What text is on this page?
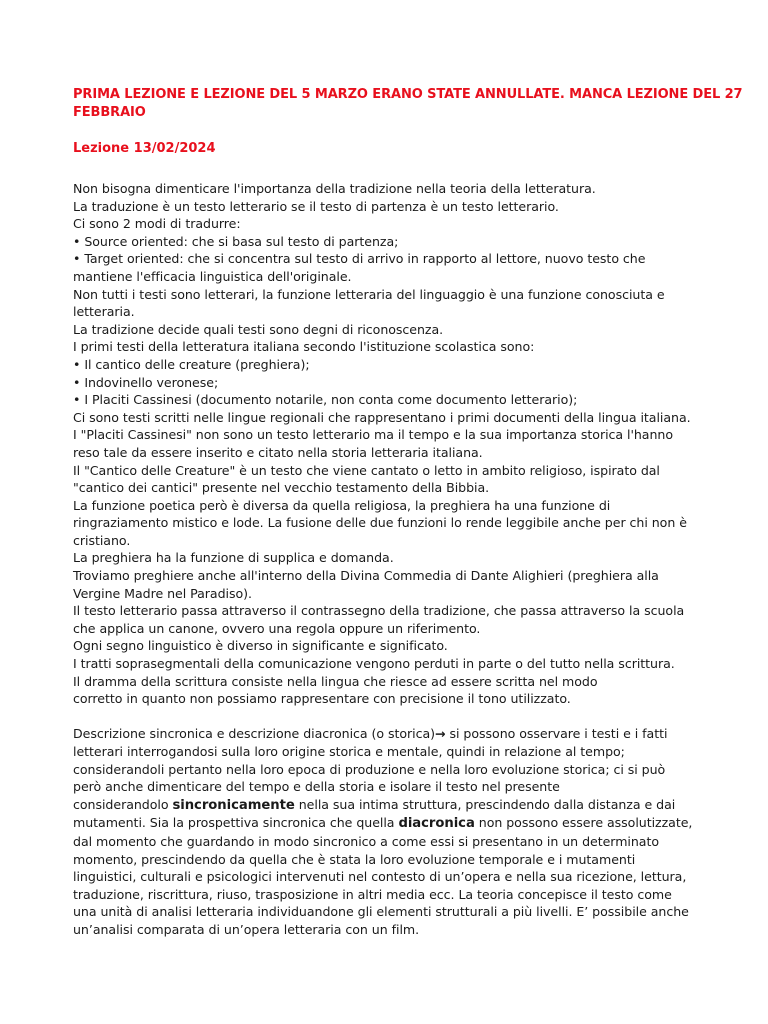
PRIMA LEZIONE E LEZIONE DEL 5 MARZO ERANO STATE ANNULLATE. MANCA LEZIONE DEL 27
FEBBRAIO

Lezione 13/02/2024

Non bisogna dimenticare l'importanza della tradizione nella teoria della letteratura.
La traduzione è un testo letterario se il testo di partenza è un testo letterario.
Ci sono 2 modi di tradurre:
• Source oriented: che si basa sul testo di partenza;
• Target oriented: che si concentra sul testo di arrivo in rapporto al lettore, nuovo testo che
mantiene l'efficacia linguistica dell'originale.
Non tutti i testi sono letterari, la funzione letteraria del linguaggio è una funzione conosciuta e
letteraria.
La tradizione decide quali testi sono degni di riconoscenza.
I primi testi della letteratura italiana secondo l'istituzione scolastica sono:
• Il cantico delle creature (preghiera);
• Indovinello veronese;
• I Placiti Cassinesi (documento notarile, non conta come documento letterario);
Ci sono testi scritti nelle lingue regionali che rappresentano i primi documenti della lingua italiana.
I "Placiti Cassinesi" non sono un testo letterario ma il tempo e la sua importanza storica l'hanno
reso tale da essere inserito e citato nella storia letteraria italiana.
Il "Cantico delle Creature" è un testo che viene cantato o letto in ambito religioso, ispirato dal
"cantico dei cantici" presente nel vecchio testamento della Bibbia.
La funzione poetica però è diversa da quella religiosa, la preghiera ha una funzione di
ringraziamento mistico e lode. La fusione delle due funzioni lo rende leggibile anche per chi non è
cristiano.
La preghiera ha la funzione di supplica e domanda.
Troviamo preghiere anche all'interno della Divina Commedia di Dante Alighieri (preghiera alla
Vergine Madre nel Paradiso).
Il testo letterario passa attraverso il contrassegno della tradizione, che passa attraverso la scuola
che applica un canone, ovvero una regola oppure un riferimento.
Ogni segno linguistico è diverso in significante e significato.
I tratti soprasegmentali della comunicazione vengono perduti in parte o del tutto nella scrittura.
Il dramma della scrittura consiste nella lingua che riesce ad essere scritta nel modo
corretto in quanto non possiamo rappresentare con precisione il tono utilizzato.
Descrizione sincronica e descrizione diacronica (o storica)→ si possono osservare i testi e i fatti
letterari interrogandosi sulla loro origine storica e mentale, quindi in relazione al tempo;
considerandoli pertanto nella loro epoca di produzione e nella loro evoluzione storica; ci si può
però anche dimenticare del tempo e della storia e isolare il testo nel presente
considerandolo sincronicamente nella sua intima struttura, prescindendo dalla distanza e dai
mutamenti. Sia la prospettiva sincronica che quella diacronica non possono essere assolutizzate,
dal momento che guardando in modo sincronico a come essi si presentano in un determinato
momento, prescindendo da quella che è stata la loro evoluzione temporale e i mutamenti
linguistici, culturali e psicologici intervenuti nel contesto di un’opera e nella sua ricezione, lettura,
traduzione, riscrittura, riuso, trasposizione in altri media ecc. La teoria concepisce il testo come
una unità di analisi letteraria individuandone gli elementi strutturali a più livelli. E’ possibile anche
un’analisi comparata di un’opera letteraria con un film.
